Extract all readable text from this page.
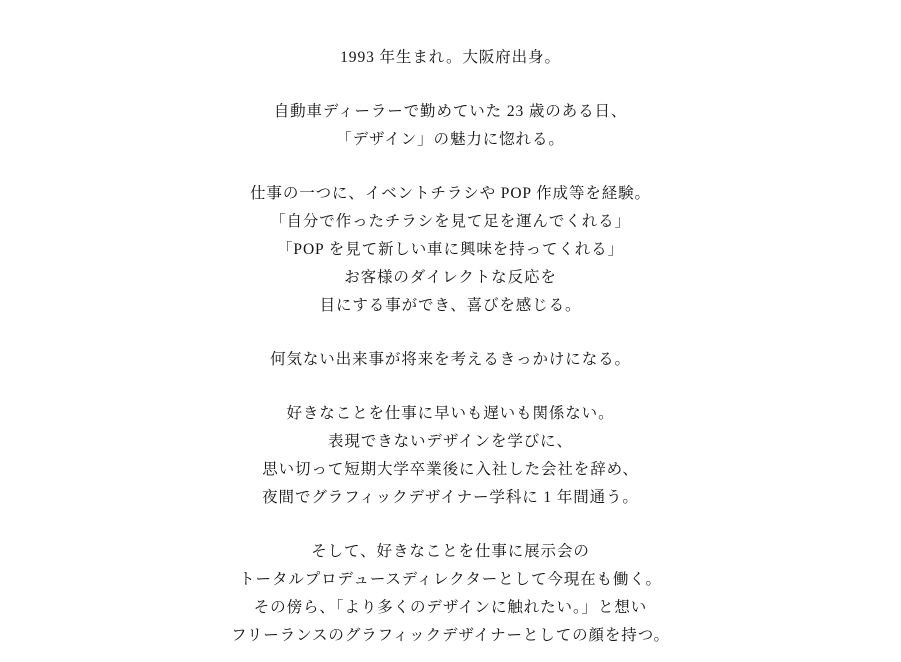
1993 年生まれ。大阪府出身。
自動車ディーラーで勤めていた 23 歳のある日、
「デザイン」の魅力に惚れる。
仕事の一つに、イベントチラシや POP 作成等を経験。
「自分で作ったチラシを見て足を運んでくれる」
「POP を見て新しい車に興味を持ってくれる」
お客様のダイレクトな反応を
目にする事ができ、喜びを感じる。
何気ない出来事が将来を考えるきっかけになる。
好きなことを仕事に早いも遅いも関係ない。
表現できないデザインを学びに、
思い切って短期大学卒業後に入社した会社を辞め、
夜間でグラフィックデザイナー学科に 1 年間通う。
そして、好きなことを仕事に展示会の
トータルプロデュースディレクターとして今現在も働く。
その傍ら、「より多くのデザインに触れたい。」と想い
フリーランスのグラフィックデザイナーとしての顔を持つ。
